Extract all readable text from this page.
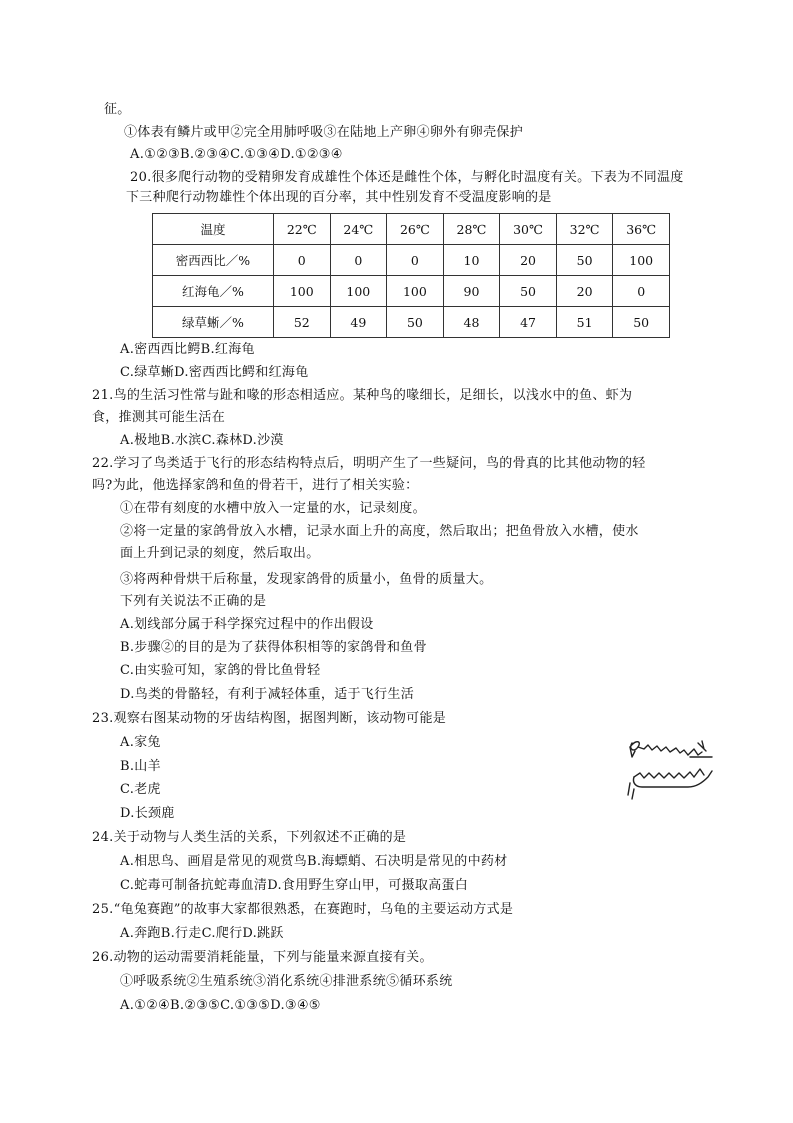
征。
①体表有鳞片或甲②完全用肺呼吸③在陆地上产卵④卵外有卵壳保护
A.①②③B.②③④C.①③④D.①②③④
20.很多爬行动物的受精卵发育成雄性个体还是雌性个体，与孵化时温度有关。下表为不同温度
下三种爬行动物雄性个体出现的百分率，其中性别发育不受温度影响的是
温度	22℃	24℃	26℃	28℃	30℃	32℃	36℃
密西西比／%	0	0	0	10	20	50	100
红海龟／%	100	100	100	90	50	20	0
绿草蜥／%	52	49	50	48	47	51	50
A.密西西比鳄B.红海龟
C.绿草蜥D.密西西比鳄和红海龟
21.鸟的生活习性常与趾和喙的形态相适应。某种鸟的喙细长，足细长，以浅水中的鱼、虾为
食，推测其可能生活在
A.极地B.水滨C.森林D.沙漠
22.学习了鸟类适于飞行的形态结构特点后，明明产生了一些疑问，鸟的骨真的比其他动物的轻
吗?为此，他选择家鸽和鱼的骨若干，进行了相关实验：
①在带有刻度的水槽中放入一定量的水，记录刻度。
②将一定量的家鸽骨放入水槽，记录水面上升的高度，然后取出；把鱼骨放入水槽，使水
面上升到记录的刻度，然后取出。
③将两种骨烘干后称量，发现家鸽骨的质量小，鱼骨的质量大。
下列有关说法不正确的是
A.划线部分属于科学探究过程中的作出假设
B.步骤②的目的是为了获得体积相等的家鸽骨和鱼骨
C.由实验可知，家鸽的骨比鱼骨轻
D.鸟类的骨骼轻，有利于减轻体重，适于飞行生活
23.观察右图某动物的牙齿结构图，据图判断，该动物可能是
A.家兔
B.山羊
C.老虎
D.长颈鹿
24.关于动物与人类生活的关系，下列叙述不正确的是
A.相思鸟、画眉是常见的观赏鸟B.海螵蛸、石决明是常见的中药材
C.蛇毒可制备抗蛇毒血清D.食用野生穿山甲，可摄取高蛋白
25.“龟兔赛跑”的故事大家都很熟悉，在赛跑时，乌龟的主要运动方式是
A.奔跑B.行走C.爬行D.跳跃
26.动物的运动需要消耗能量，下列与能量来源直接有关。
①呼吸系统②生殖系统③消化系统④排泄系统⑤循环系统
A.①②④B.②③⑤C.①③⑤D.③④⑤
